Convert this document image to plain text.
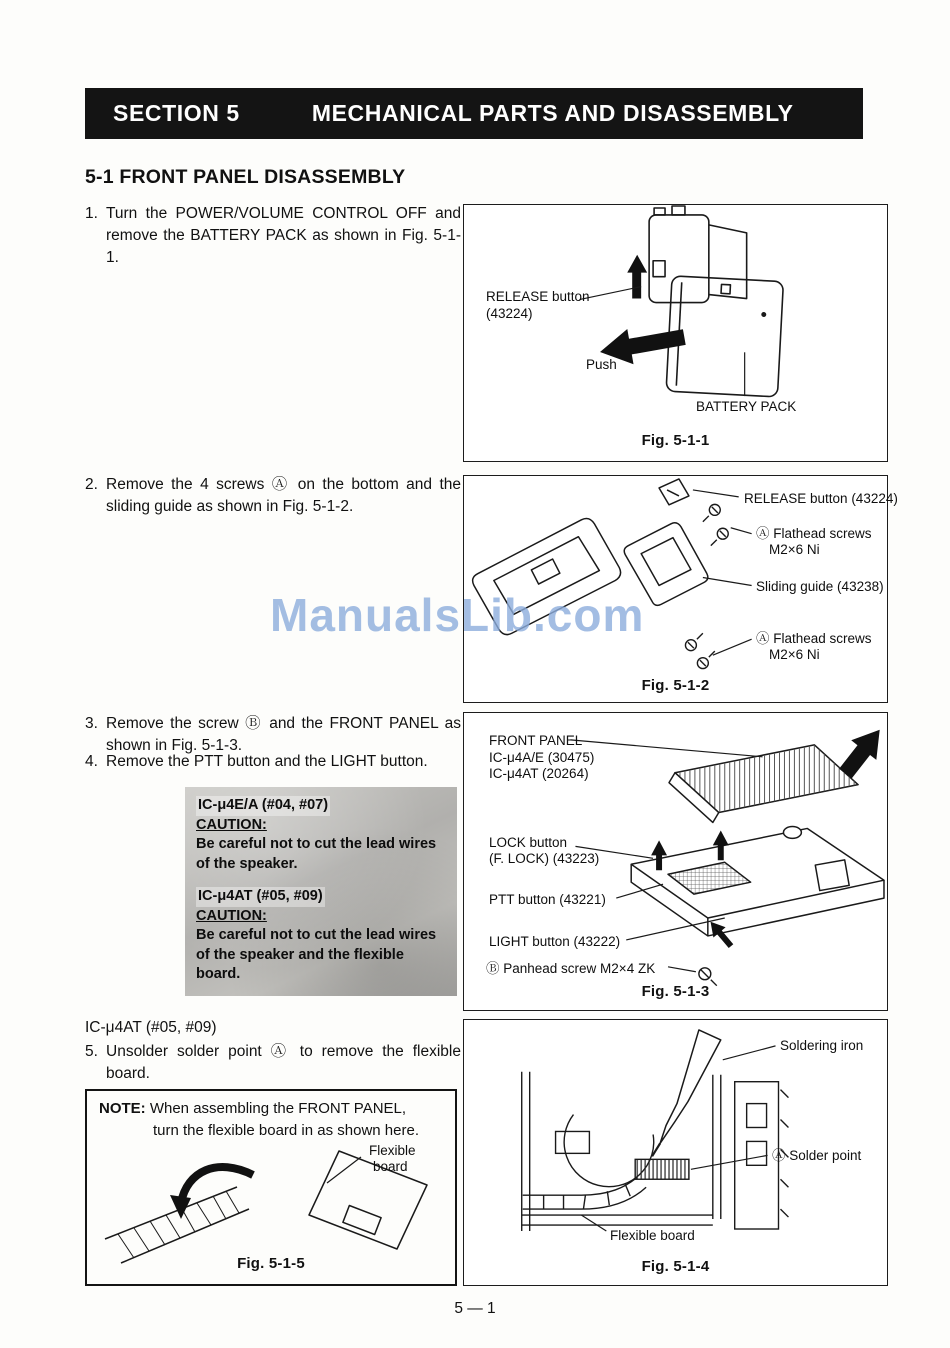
ManualsLib.com
SECTION 5	MECHANICAL PARTS AND DISASSEMBLY
5-1 FRONT PANEL DISASSEMBLY
1. Turn the POWER/VOLUME CONTROL OFF and remove the BATTERY PACK as shown in Fig. 5-1-1.
2. Remove the 4 screws Ⓐ on the bottom and the sliding guide as shown in Fig. 5-1-2.
3. Remove the screw Ⓑ and the FRONT PANEL as shown in Fig. 5-1-3.
4. Remove the PTT button and the LIGHT button.
IC-μ4E/A (#04, #07)
CAUTION:
Be careful not to cut the lead wires of the speaker.
IC-μ4AT (#05, #09)
CAUTION:
Be careful not to cut the lead wires of the speaker and the flexible board.
IC-μ4AT (#05, #09)
5. Unsolder solder point Ⓐ to remove the flexible board.
NOTE: When assembling the FRONT PANEL,
turn the flexible board in as shown here.
Flexible
board
Fig. 5-1-5
RELEASE button
(43224)
Push
BATTERY PACK
Fig. 5-1-1
RELEASE button (43224)
Ⓐ Flathead screws
M2×6 Ni
Sliding guide (43238)
Ⓐ Flathead screws
M2×6 Ni
Fig. 5-1-2
FRONT PANEL
IC-μ4A/E (30475)
IC-μ4AT (20264)
LOCK button
(F. LOCK) (43223)
PTT button (43221)
LIGHT button (43222)
Ⓑ Panhead screw M2×4 ZK
Fig. 5-1-3
Soldering iron
Ⓐ Solder point
Flexible board
Fig. 5-1-4
5 — 1
